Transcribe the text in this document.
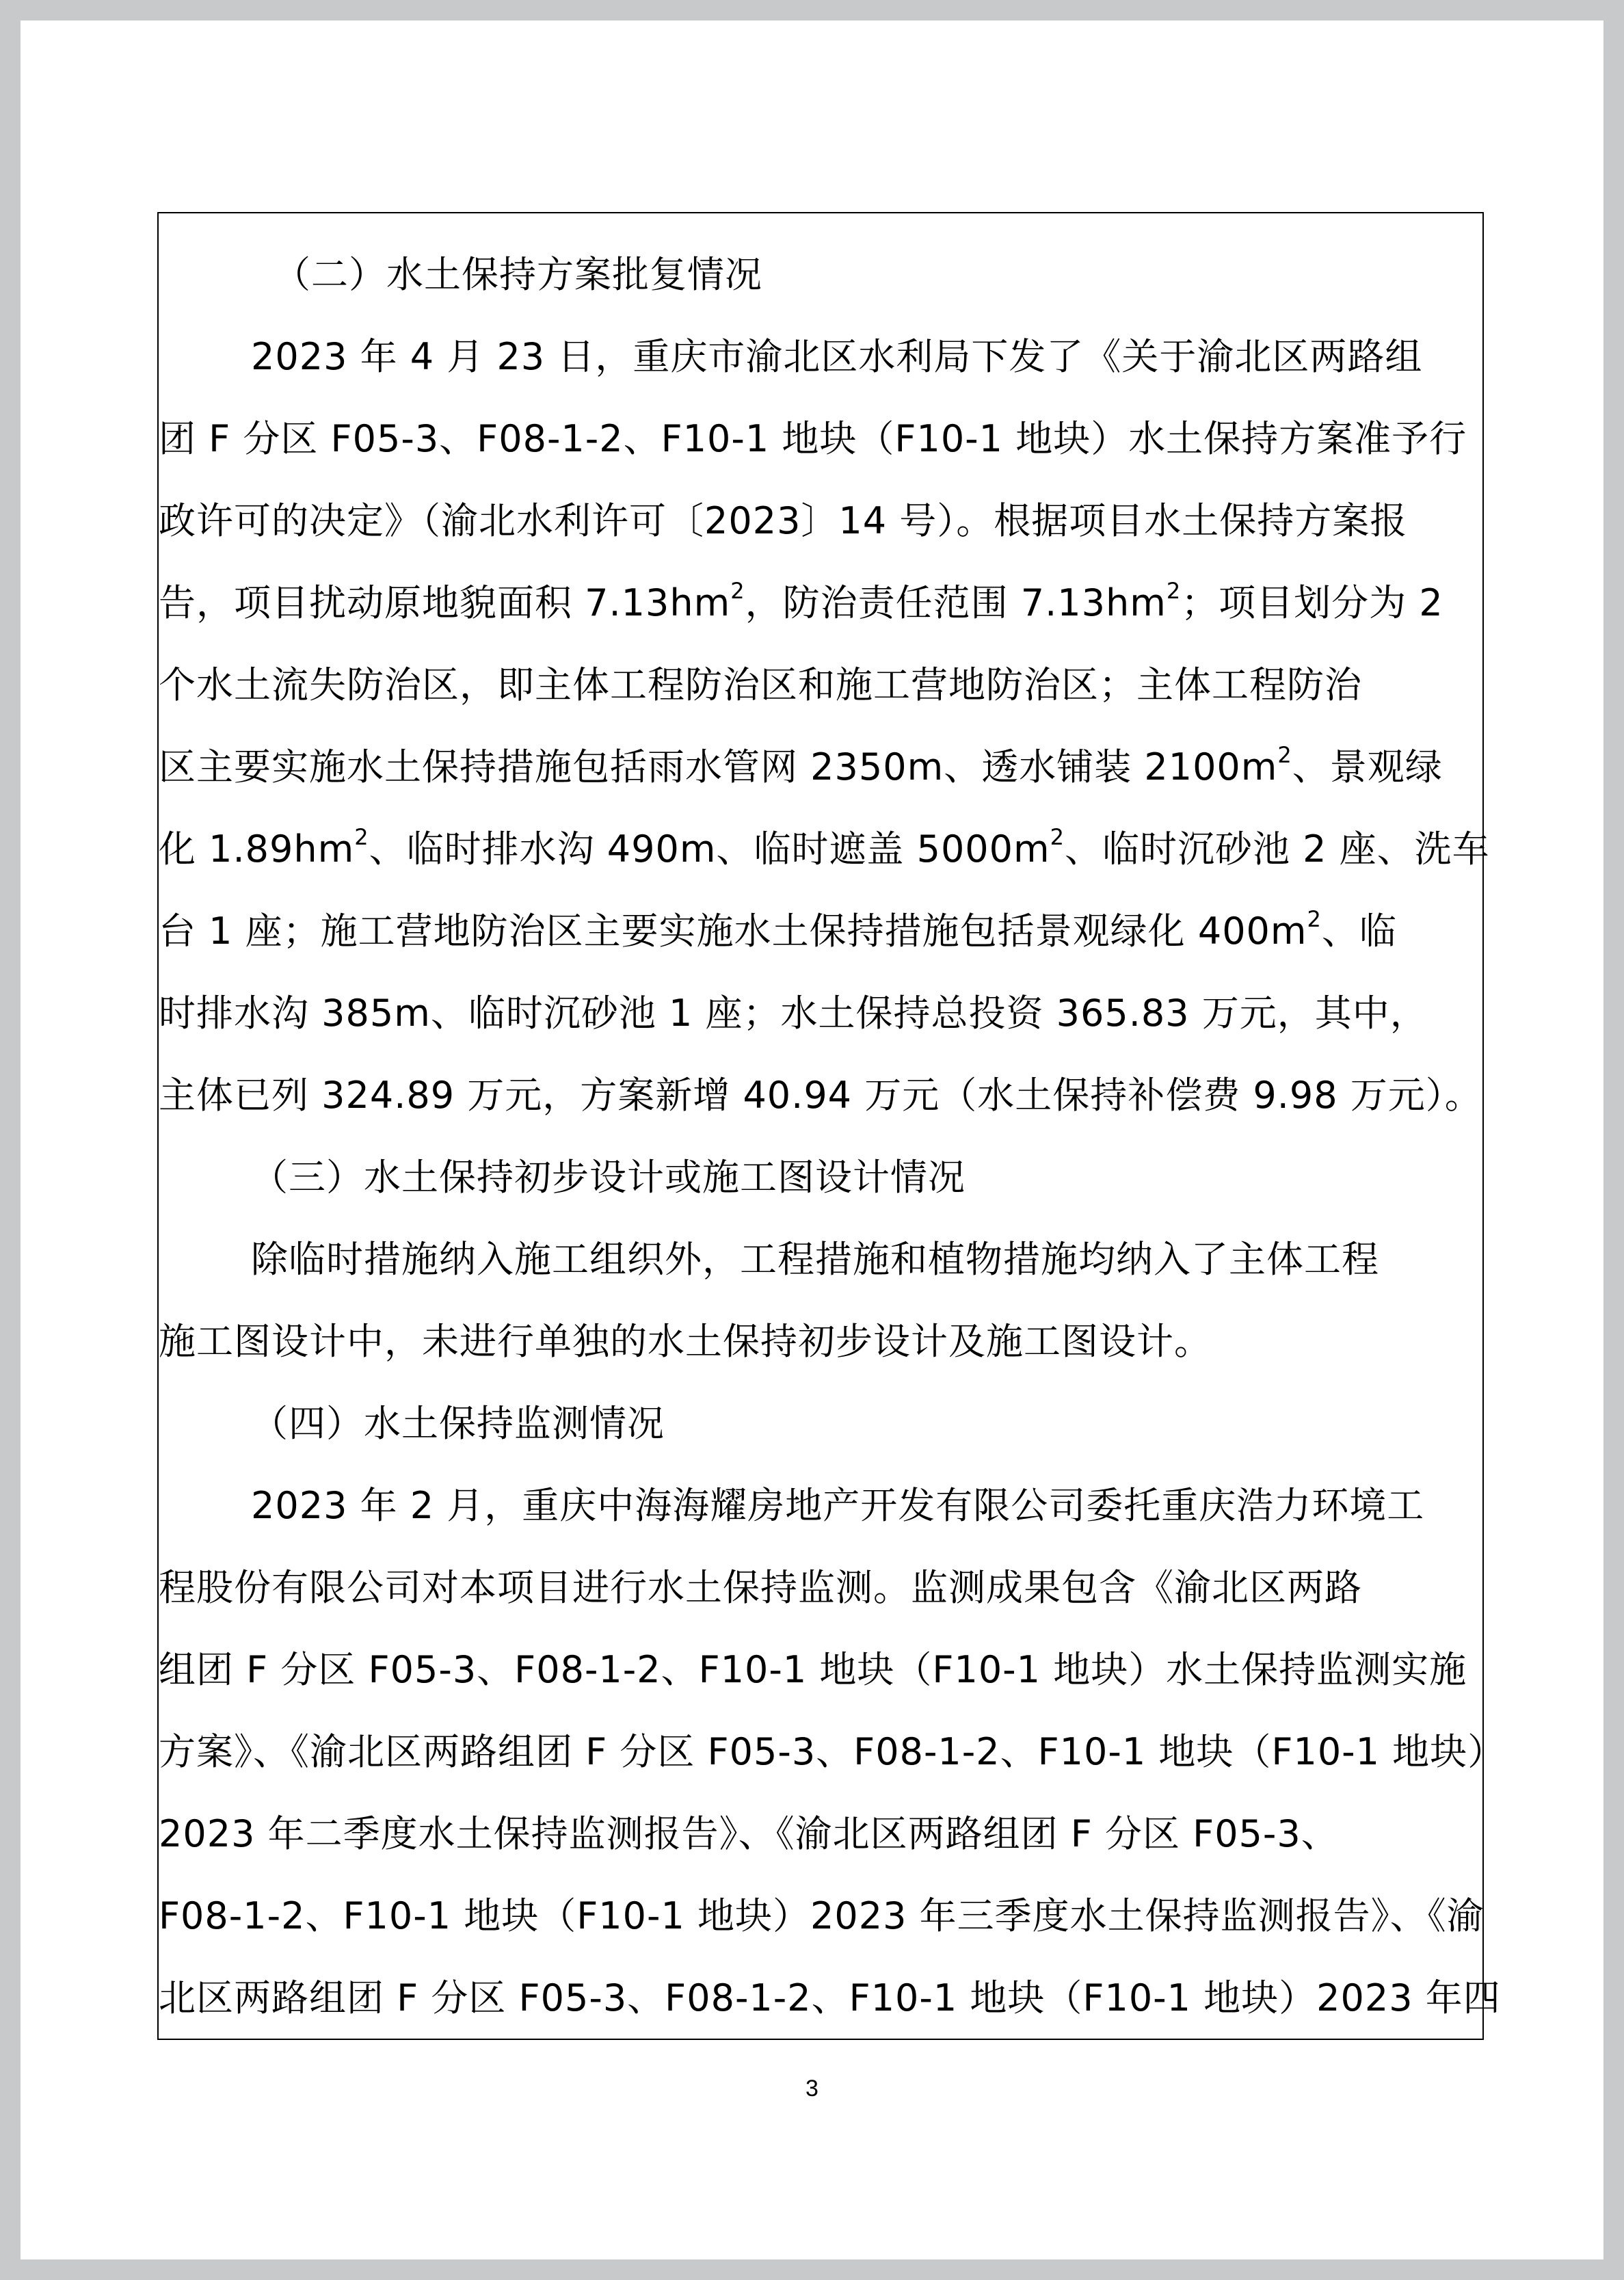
（二）水土保持方案批复情况
2023 年 4 月 23 日，重庆市渝北区水利局下发了《关于渝北区两路组
团 F 分区 F05-3、F08-1-2、F10-1 地块（F10-1 地块）水土保持方案准予行
政许可的决定》（渝北水利许可〔2023〕14 号）。根据项目水土保持方案报
告，项目扰动原地貌面积 $7.13hm^2$，防治责任范围 $7.13hm^2$；项目划分为 2
个水土流失防治区，即主体工程防治区和施工营地防治区；主体工程防治
区主要实施水土保持措施包括雨水管网 2350m、透水铺装 $2100m^2$、景观绿
化 $1.89hm^2$、临时排水沟 490m、临时遮盖 $5000m^2$、临时沉砂池 2 座、洗车
台 1 座；施工营地防治区主要实施水土保持措施包括景观绿化 $400m^2$、临
时排水沟 385m、临时沉砂池 1 座；水土保持总投资 365.83 万元，其中，
主体已列 324.89 万元，方案新增 40.94 万元（水土保持补偿费 9.98 万元）。
（三）水土保持初步设计或施工图设计情况
除临时措施纳入施工组织外，工程措施和植物措施均纳入了主体工程
施工图设计中，未进行单独的水土保持初步设计及施工图设计。
（四）水土保持监测情况
2023 年 2 月，重庆中海海耀房地产开发有限公司委托重庆浩力环境工
程股份有限公司对本项目进行水土保持监测。监测成果包含《渝北区两路
组团 F 分区 F05-3、F08-1-2、F10-1 地块（F10-1 地块）水土保持监测实施
方案》、《渝北区两路组团 F 分区 F05-3、F08-1-2、F10-1 地块（F10-1 地块）
2023 年二季度水土保持监测报告》、《渝北区两路组团 F 分区 F05-3、
F08-1-2、F10-1 地块（F10-1 地块）2023 年三季度水土保持监测报告》、《渝
北区两路组团 F 分区 F05-3、F08-1-2、F10-1 地块（F10-1 地块）2023 年四
3
